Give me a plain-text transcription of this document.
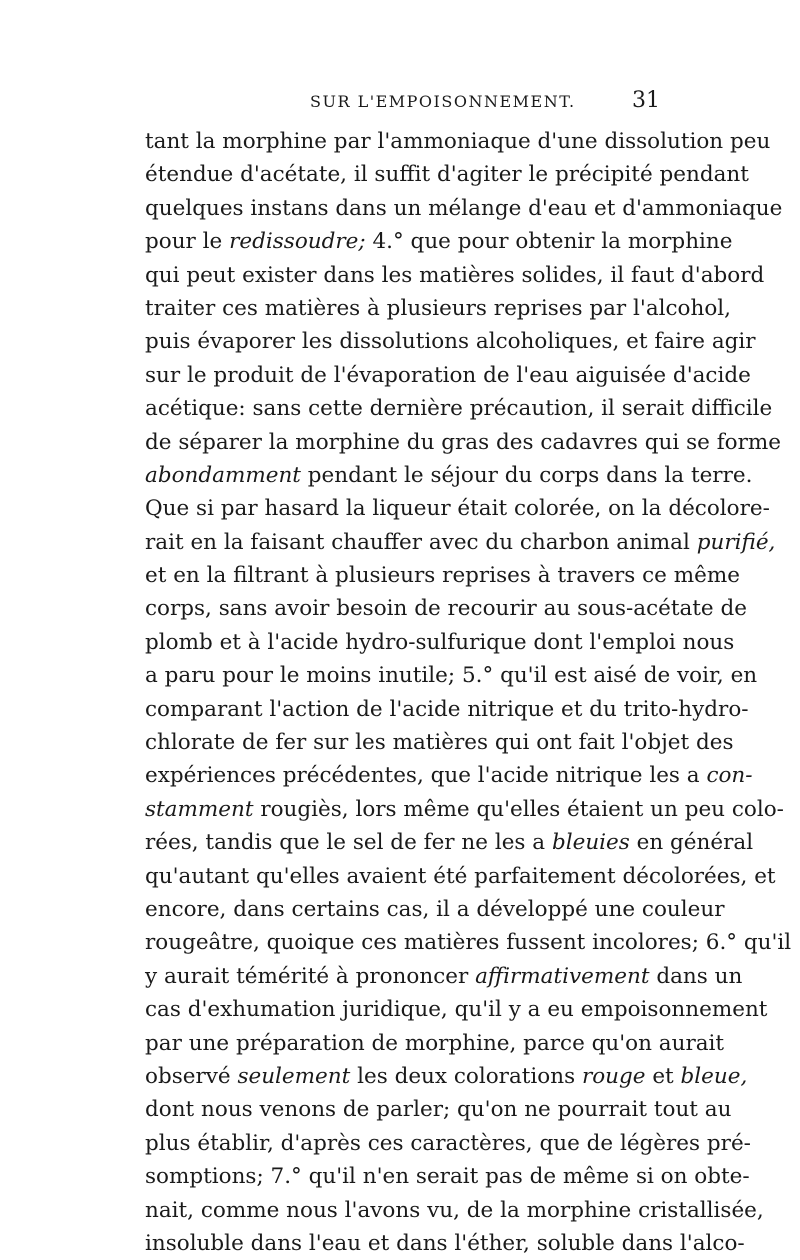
SUR L'EMPOISONNEMENT.	31
tant la morphine par l'ammoniaque d'une dissolution peu
étendue d'acétate, il suffit d'agiter le précipité pendant
quelques instans dans un mélange d'eau et d'ammoniaque
pour le redissoudre; 4.° que pour obtenir la morphine
qui peut exister dans les matières solides, il faut d'abord
traiter ces matières à plusieurs reprises par l'alcohol,
puis évaporer les dissolutions alcoholiques, et faire agir
sur le produit de l'évaporation de l'eau aiguisée d'acide
acétique: sans cette dernière précaution, il serait difficile
de séparer la morphine du gras des cadavres qui se forme
abondamment pendant le séjour du corps dans la terre.
Que si par hasard la liqueur était colorée, on la décolore-
rait en la faisant chauffer avec du charbon animal purifié,
et en la filtrant à plusieurs reprises à travers ce même
corps, sans avoir besoin de recourir au sous-acétate de
plomb et à l'acide hydro-sulfurique dont l'emploi nous
a paru pour le moins inutile; 5.° qu'il est aisé de voir, en
comparant l'action de l'acide nitrique et du trito-hydro-
chlorate de fer sur les matières qui ont fait l'objet des
expériences précédentes, que l'acide nitrique les a con-
stamment rougiès, lors même qu'elles étaient un peu colo-
rées, tandis que le sel de fer ne les a bleuies en général
qu'autant qu'elles avaient été parfaitement décolorées, et
encore, dans certains cas, il a développé une couleur
rougeâtre, quoique ces matières fussent incolores; 6.° qu'il
y aurait témérité à prononcer affirmativement dans un
cas d'exhumation juridique, qu'il y a eu empoisonnement
par une préparation de morphine, parce qu'on aurait
observé seulement les deux colorations rouge et bleue,
dont nous venons de parler; qu'on ne pourrait tout au
plus établir, d'après ces caractères, que de légères pré-
somptions; 7.° qu'il n'en serait pas de même si on obte-
nait, comme nous l'avons vu, de la morphine cristallisée,
insoluble dans l'eau et dans l'éther, soluble dans l'alco-
